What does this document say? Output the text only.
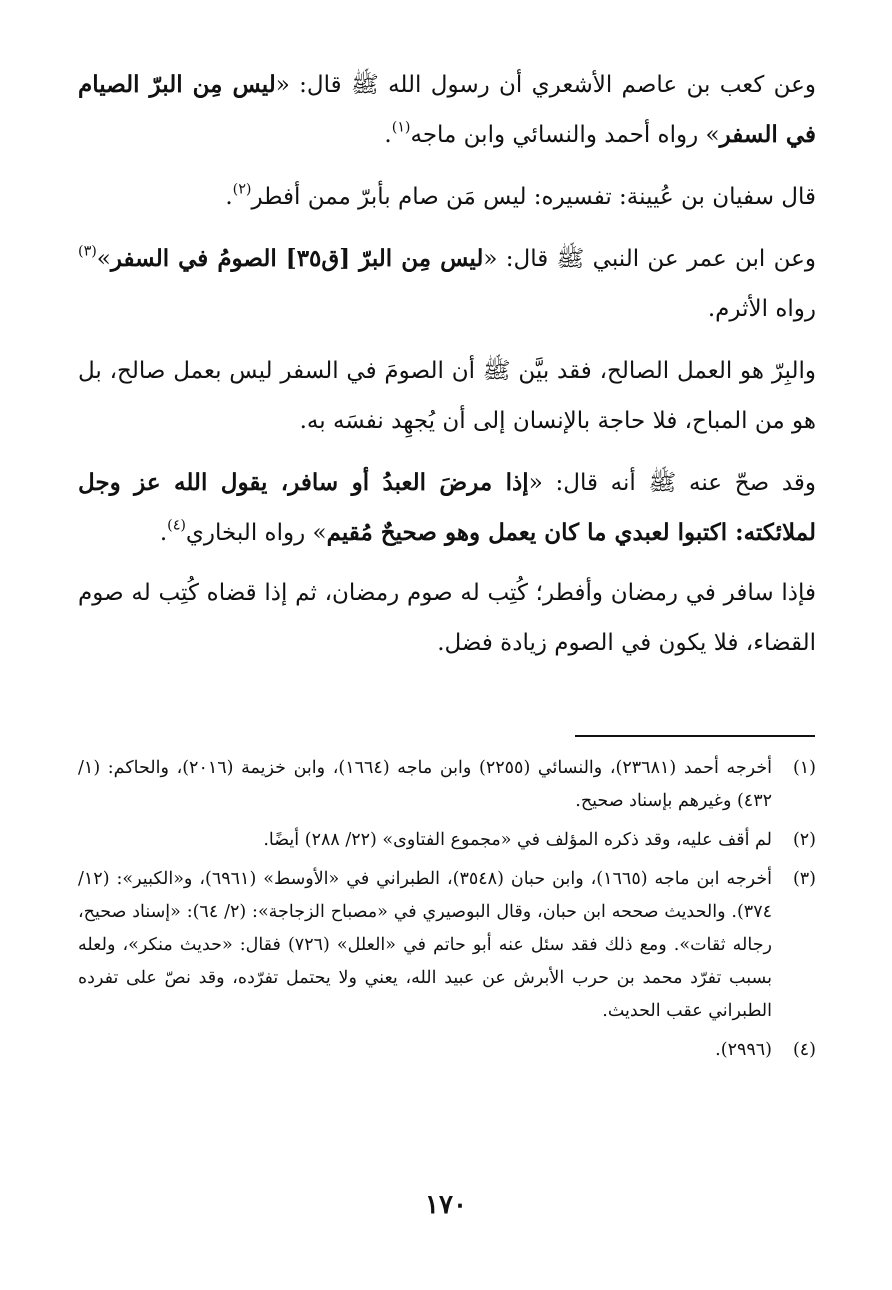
وعن كعب بن عاصم الأشعري أن رسول الله ﷺ قال: «ليس مِن البرّ الصيام في السفر» رواه أحمد والنسائي وابن ماجه$^{(١)}$.

قال سفيان بن عُيينة: تفسيره: ليس مَن صام بأبرّ ممن أفطر$^{(٢)}$.

وعن ابن عمر عن النبي ﷺ قال: «ليس مِن البرّ [ق٣٥] الصومُ في السفر»$^{(٣)}$ رواه الأثرم.

والبِرّ هو العمل الصالح، فقد بيَّن ﷺ أن الصومَ في السفر ليس بعمل صالح، بل هو من المباح، فلا حاجة بالإنسان إلى أن يُجهِد نفسَه به.

وقد صحّ عنه ﷺ أنه قال: «إذا مرضَ العبدُ أو سافر، يقول الله عز وجل لملائكته: اكتبوا لعبدي ما كان يعمل وهو صحيحٌ مُقيم» رواه البخاري$^{(٤)}$.

فإذا سافر في رمضان وأفطر؛ كُتِب له صوم رمضان، ثم إذا قضاه كُتِب له صوم القضاء، فلا يكون في الصوم زيادة فضل.

(١)
أخرجه أحمد (٢٣٦٨١)، والنسائي (٢٢٥٥) وابن ماجه (١٦٦٤)، وابن خزيمة (٢٠١٦)، والحاكم: (١/ ٤٣٢) وغيرهم بإسناد صحيح.
(٢)
لم أقف عليه، وقد ذكره المؤلف في «مجموع الفتاوى» (٢٢/ ٢٨٨) أيضًا.
(٣)
أخرجه ابن ماجه (١٦٦٥)، وابن حبان (٣٥٤٨)، الطبراني في «الأوسط» (٦٩٦١)، و«الكبير»: (١٢/ ٣٧٤). والحديث صححه ابن حبان، وقال البوصيري في «مصباح الزجاجة»: (٢/ ٦٤): «إسناد صحيح، رجاله ثقات». ومع ذلك فقد سئل عنه أبو حاتم في «العلل» (٧٢٦) فقال: «حديث منكر»، ولعله بسبب تفرّد محمد بن حرب الأبرش عن عبيد الله، يعني ولا يحتمل تفرّده، وقد نصّ على تفرده الطبراني عقب الحديث.
(٤)
(٢٩٩٦).
١٧٠
